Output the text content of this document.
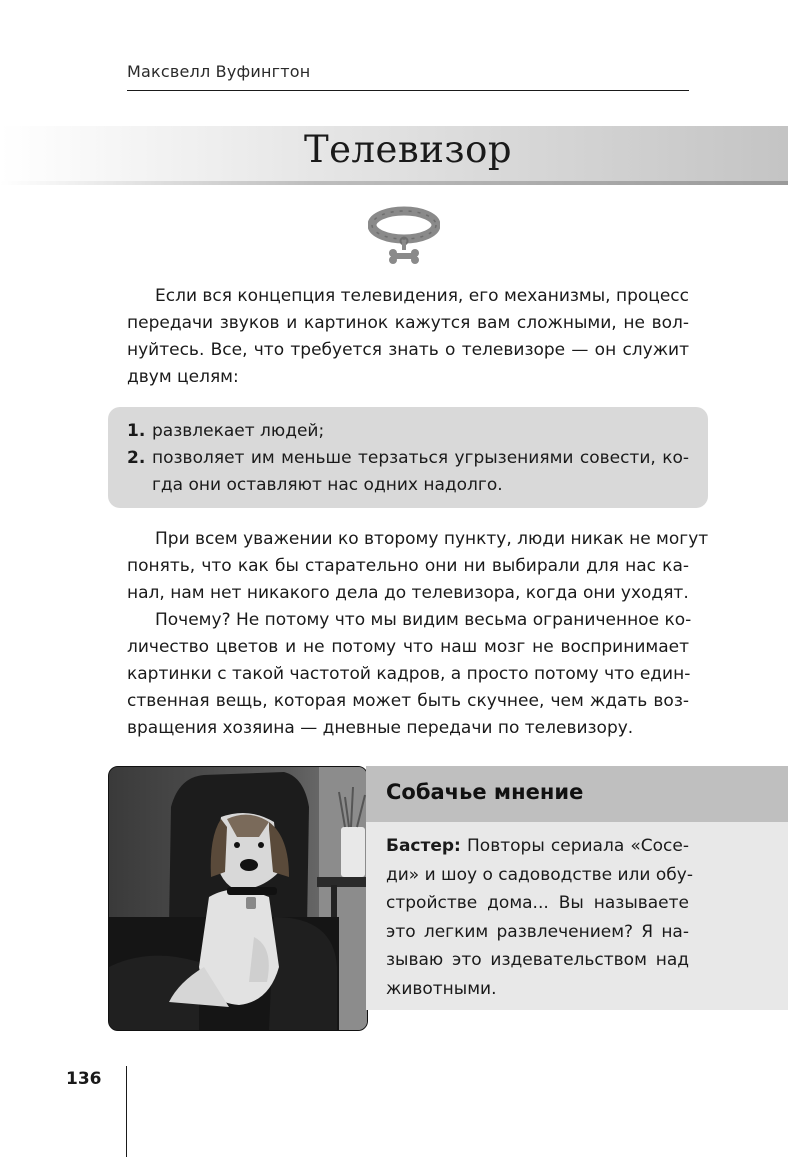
Максвелл Вуфингтон
Телевизор
Если вся концепция телевидения, его механизмы, процесс
передачи звуков и картинок кажутся вам сложными, не вол-
нуйтесь. Все, что требуется знать о телевизоре — он служит
двум целям:
1. развлекает людей;
2. позволяет им меньше терзаться угрызениями совести, ко-
гда они оставляют нас одних надолго.
При всем уважении ко второму пункту, люди никак не могут
понять, что как бы старательно они ни выбирали для нас ка-
нал, нам нет никакого дела до телевизора, когда они уходят.
Почему? Не потому что мы видим весьма ограниченное ко-
личество цветов и не потому что наш мозг не воспринимает
картинки с такой частотой кадров, а просто потому что един-
ственная вещь, которая может быть скучнее, чем ждать воз-
вращения хозяина — дневные передачи по телевизору.
Собачье мнение
Бастер: Повторы сериала «Сосе-
ди» и шоу о садоводстве или обу-
стройстве дома... Вы называете
это легким развлечением? Я на-
зываю это издевательством над
животными.
136
